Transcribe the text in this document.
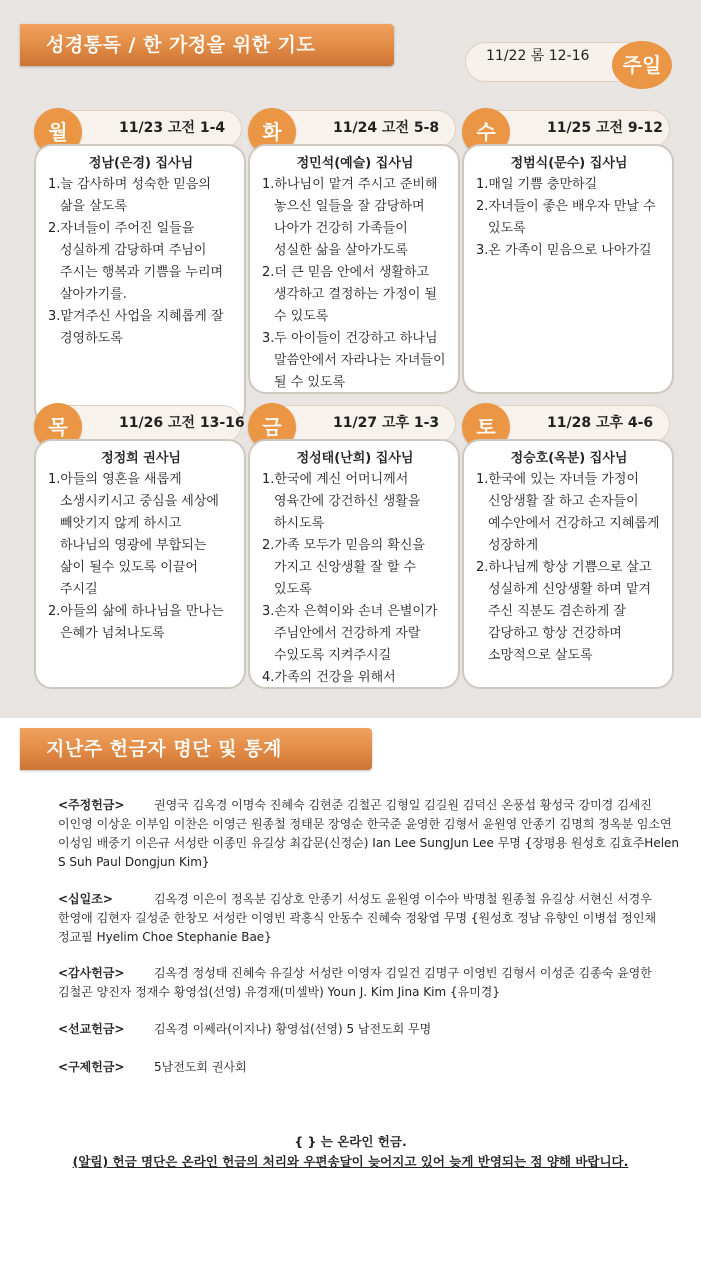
성경통독 / 한 가정을 위한 기도	11/22 롬 12-16	주일
11/23 고전 1-4
월
정남(은경) 집사님
1.늘 감사하며 성숙한 믿음의 삶을 살도록
2.자녀들이 주어진 일들을 성실하게 감당하며 주님이 주시는 행복과 기쁨을 누리며 살아가기를.
3.맡겨주신 사업을 지혜롭게 잘 경영하도록
11/24 고전 5-8
화
정민석(예슬) 집사님
1.하나님이 맡겨 주시고 준비해 놓으신 일들을 잘 감당하며 나아가 건강히 가족들이 성실한 삶을 살아가도록
2.더 큰 믿음 안에서 생활하고 생각하고 결정하는 가정이 될 수 있도록
3.두 아이들이 건강하고 하나님 말씀안에서 자라나는 자녀들이 될 수 있도록
11/25 고전 9-12
수
정범식(문수) 집사님
1.매일 기쁨 충만하길
2.자녀들이 좋은 배우자 만날 수 있도록
3.온 가족이 믿음으로 나아가길
11/26 고전 13-16
목
정정희 권사님
1.아들의 영혼을 새롭게 소생시키시고 중심을 세상에 빼앗기지 않게 하시고 하나님의 영광에 부합되는 삶이 될수 있도록 이끌어 주시길
2.아들의 삶에 하나님을 만나는 은혜가 넘쳐나도록
11/27 고후 1-3
금
정성태(난희) 집사님
1.한국에 계신 어머니께서 영육간에 강건하신 생활을 하시도록
2.가족 모두가 믿음의 확신을 가지고 신앙생활 잘 할 수 있도록
3.손자 은혁이와 손녀 은별이가 주님안에서 건강하게 자랄 수있도록 지켜주시길
4.가족의 건강을 위해서
11/28 고후 4-6
토
정승호(옥분) 집사님
1.한국에 있는 자녀들 가정이 신앙생활 잘 하고 손자들이 예수안에서 건강하고 지혜롭게 성장하게
2.하나님께 항상 기쁨으로 살고 성실하게 신앙생활 하며 맡겨 주신 직분도 겸손하게 잘 감당하고 항상 건강하며 소망적으로 살도록
지난주 헌금자 명단 및 통계
<주정헌금> 권영국 김옥경 이명숙 진혜숙 김현준 김철곤 김형일 김길원 김덕신 온풍섭 황성국 강미경 김세진 이인영 이상운 이부임 이찬은 이영근 원종철 정태문 장영순 한국준 윤영한 김형서 윤원영 안종기 김명희 정옥분 임소연 이성임 배중기 이은규 서성란 이종민 유길상 최갑문(신정순) Ian Lee SungJun Lee 무명 {장평용 원성호 김효주Helen S Suh Paul Dongjun Kim}
<십일조>	김옥경 이은이 정옥분 김상호 안종기 서성도 윤원영 이수아 박명철 원종철 유길상 서현신 서경우 한영애 김현자 길성준 한창모 서성란 이영빈 곽홍식 안동수 진혜숙 정왕엽 무명 {원성호 정남 유향인 이병섭 정인채 정교필 Hyelim Choe Stephanie Bae}
<감사헌금> 김옥경 정성태 진혜숙 유길상 서성란 이영자 김일건 김명구 이영빈 김형서 이성준 김종숙 윤영한 김철곤 양진자 정재수 황영섭(선영) 유경재(미셀박) Youn J. Kim Jina Kim {유미경}
<선교헌금> 김옥경 이쎄라(이지나) 황영섭(선영) 5 남전도회 무명
<구제헌금> 5남전도회 권사회
{ } 는 온라인 헌금.
(알림) 헌금 명단은 온라인 헌금의 처리와 우편송달이 늦어지고 있어 늦게 반영되는 점 양해 바랍니다.
